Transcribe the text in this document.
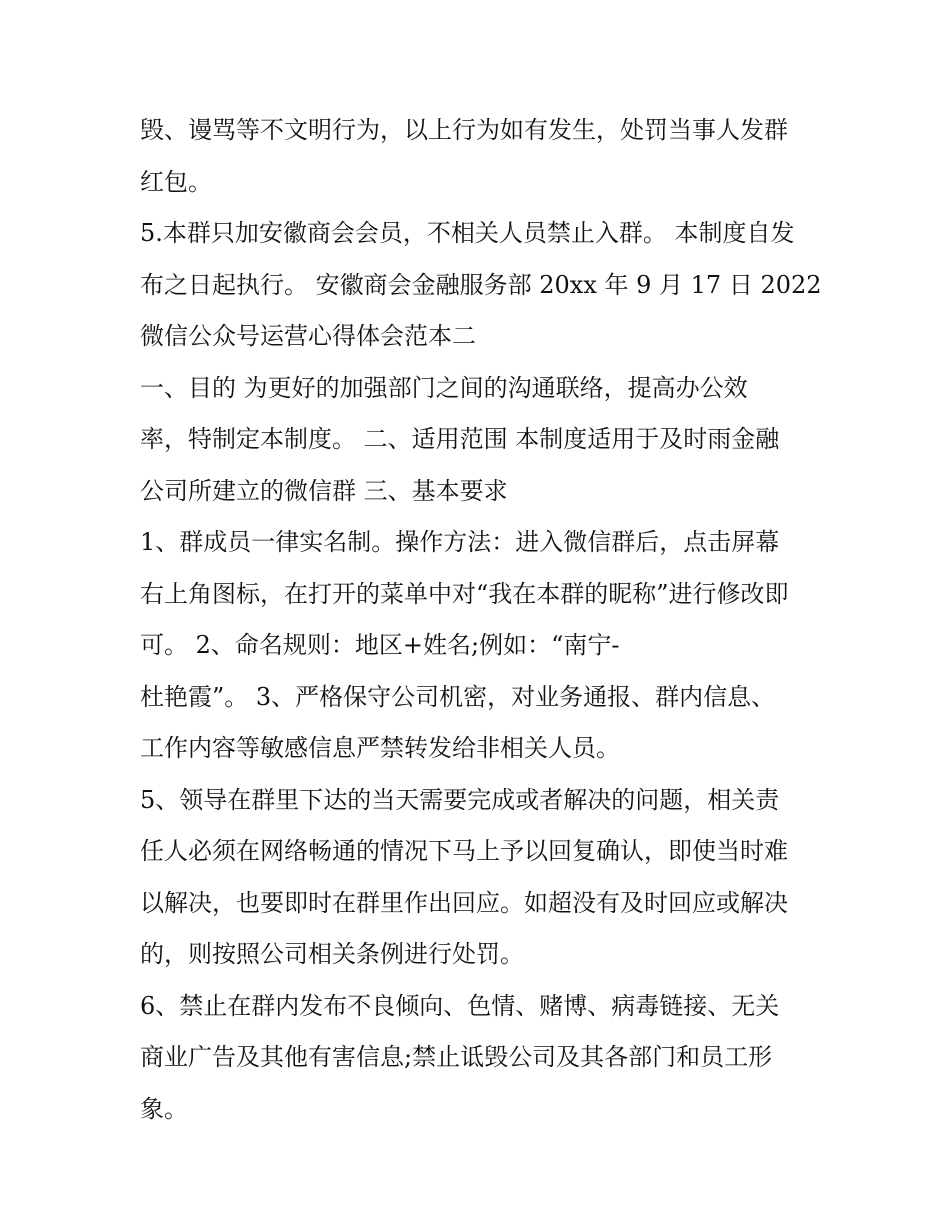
毁、谩骂等不文明行为，以上行为如有发生，处罚当事人发群

红包。

5.本群只加安徽商会会员，不相关人员禁止入群。 本制度自发

布之日起执行。 安徽商会金融服务部 20xx 年 9 月 17 日 2022

微信公众号运营心得体会范本二

一、目的 为更好的加强部门之间的沟通联络，提高办公效

率，特制定本制度。 二、适用范围 本制度适用于及时雨金融

公司所建立的微信群 三、基本要求

1、群成员一律实名制。操作方法：进入微信群后，点击屏幕

右上角图标，在打开的菜单中对“我在本群的昵称”进行修改即

可。 2、命名规则：地区+姓名;例如：“南宁-

杜艳霞”。 3、严格保守公司机密，对业务通报、群内信息、

工作内容等敏感信息严禁转发给非相关人员。

5、领导在群里下达的当天需要完成或者解决的问题，相关责

任人必须在网络畅通的情况下马上予以回复确认，即使当时难

以解决，也要即时在群里作出回应。如超没有及时回应或解决

的，则按照公司相关条例进行处罚。

6、禁止在群内发布不良倾向、色情、赌博、病毒链接、无关

商业广告及其他有害信息;禁止诋毁公司及其各部门和员工形

象。
